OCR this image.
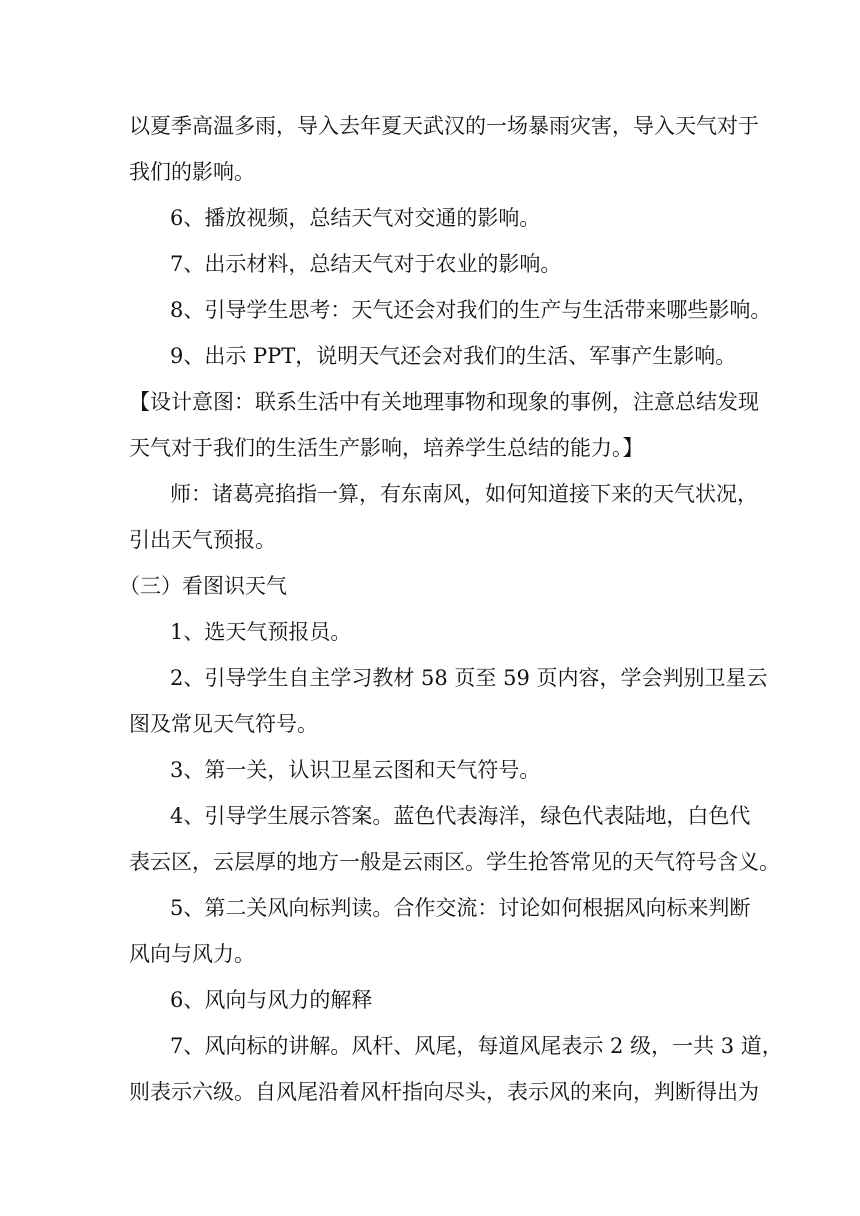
以夏季高温多雨，导入去年夏天武汉的一场暴雨灾害，导入天气对于
我们的影响。
6、播放视频，总结天气对交通的影响。
7、出示材料，总结天气对于农业的影响。
8、引导学生思考：天气还会对我们的生产与生活带来哪些影响。
9、出示 PPT，说明天气还会对我们的生活、军事产生影响。
【设计意图：联系生活中有关地理事物和现象的事例，注意总结发现
天气对于我们的生活生产影响，培养学生总结的能力。】
师：诸葛亮掐指一算，有东南风，如何知道接下来的天气状况，
引出天气预报。
（三）看图识天气
1、选天气预报员。
2、引导学生自主学习教材 58 页至 59 页内容，学会判别卫星云
图及常见天气符号。
3、第一关，认识卫星云图和天气符号。
4、引导学生展示答案。蓝色代表海洋，绿色代表陆地，白色代
表云区，云层厚的地方一般是云雨区。学生抢答常见的天气符号含义。
5、第二关风向标判读。合作交流：讨论如何根据风向标来判断
风向与风力。
6、风向与风力的解释
7、风向标的讲解。风杆、风尾，每道风尾表示 2 级，一共 3 道，
则表示六级。自风尾沿着风杆指向尽头，表示风的来向，判断得出为
